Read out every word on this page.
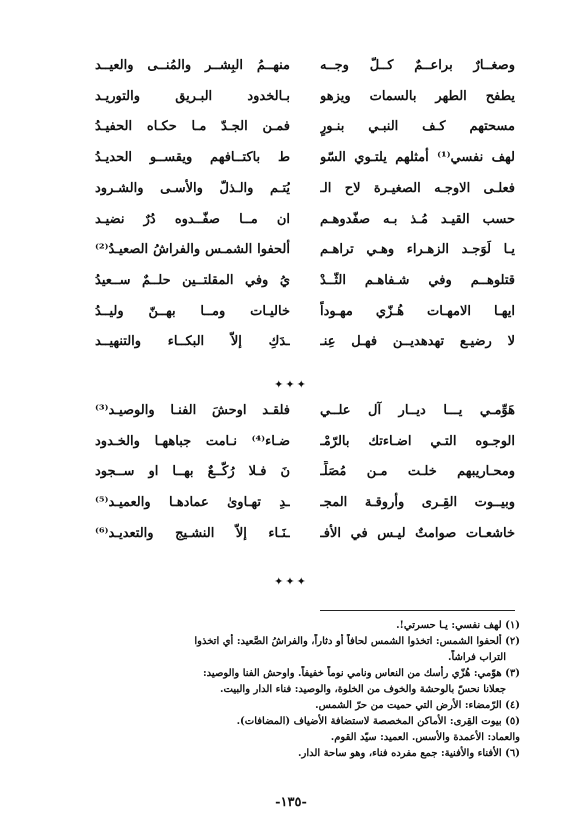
وصغــارٌ براعــمٌ كــلّ وجــه
منهــمُ البِشــر والمُنــى والعيــد
يطفح الطهر بالسمات ويزهو
بـالخدود البـريق والتوريـد
مسحتهم كـف النبـي بنـورٍ
فمـن الجـدّ مـا حكـاه الحفيـدُ
لهف نفسي⁽¹⁾ أمثلهم يلتـوي السّو
ط باكتــافهم ويقســو الحديـدُ
فعلـى الاوجـه الصغيـرة لاح الـ
يُتـم والـذلّ والأسـى والشـرود
حسب القيـد مُـذ بـه صفّدوهـم
ان مــا صفّــدوه دُرٌ نضيـد
يـا لَوَجـد الزهـراء وهـي تراهـم
ألحفوا الشمـس والفراشُ الصعيـدُ⁽²⁾
قتلوهــم وفي شـفاهـم الثّــدْ
يُ وفي المقلتــين حلــمٌ ســعيدُ
ايهـا الامهـات هُـزّي مهـوداً
خاليـات ومــا بهــنّ وليــدُ
لا رضيـع تهدهديــن فهـل عِنـ
ـدَكِ إلاّ البكــاء والتنهيــد
✦✦✦
هَوِّمـي يـــا ديــار آل علــي
فلقـد اوحشَ الفنـا والوصيـد⁽³⁾
الوجـوه التـي اضـاءتك بالرّمْـ
ضـاء⁽⁴⁾ نـامت جباههـا والخـدود
ومحـاريبهم خلـت مـن مُصَلِّـ
نَ فـلا رُكّــعٌ بهــا او ســجود
وبيــوت القِـرى وأروقـة المجـ
ـدِ تهـاوىٰ عمادهـا والعميـد⁽⁵⁾
خاشعـات صوامتٌ ليـس في الأفـ
ـنَـاء إلاّ النشـيج والتعديـد⁽⁶⁾
✦✦✦
(١) لهف نفسي: يـا حسرتي!.
(٢) ألحفوا الشمس: اتخذوا الشمس لحافاً أو دثاراً، والفراشُ الصَّعيد: أي اتخذوا
التراب فراشاً.
(٣) هوّمي: هُزّي رأسك من النعاس ونامي نوماً خفيفاً. واوحش الفنا والوصيد:
جعلانا نحسّ بالوحشة والخوف من الخلوة، والوصيد: فناء الدار والبيت.
(٤) الرّمضاء: الأرض التي حميت من حرّ الشمس.
(٥) بيوت القِرى: الأماكن المخصصة لاستضافة الأضياف (المضافات).
والعماد: الأعمدة والأسس. العميد: سيّد القوم.
(٦) الأفناء والأفنية: جمع مفرده فناء، وهو ساحة الدار.
-١٣٥-
